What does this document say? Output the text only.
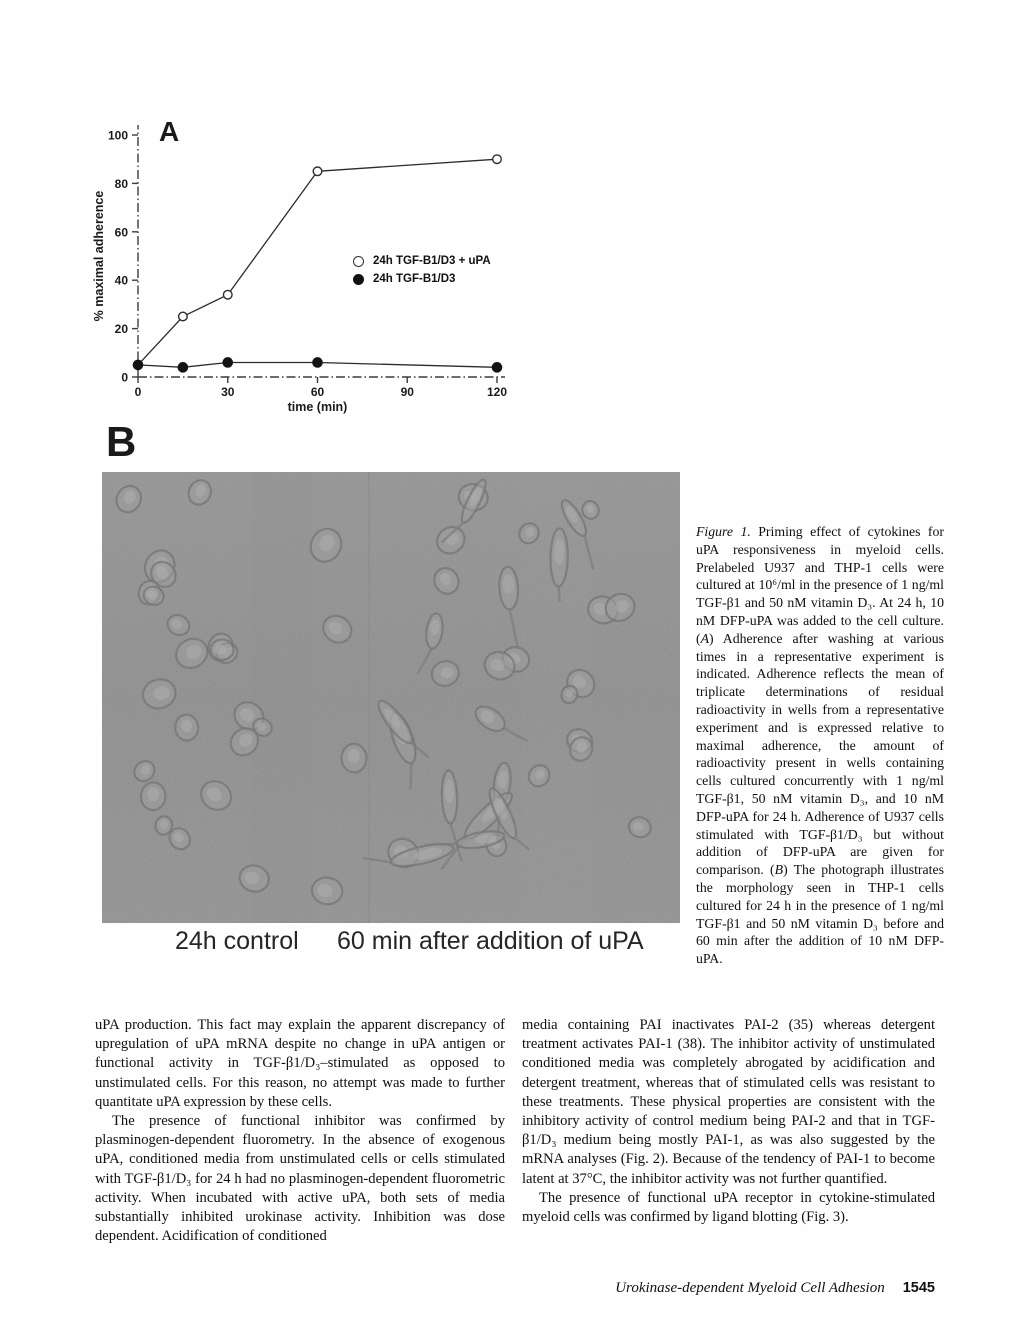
0	30	60	90	120
time (min)
0
20
40
60
80
100
% maximal adherence
A
24h TGF-B1/D3 + uPA
24h TGF-B1/D3
B
24h control 60 min after addition of uPA
Figure 1. Priming effect of cytokines for uPA responsiveness in myeloid cells. Prelabeled U937 and THP-1 cells were cultured at 10⁶/ml in the presence of 1 ng/ml TGF-β1 and 50 nM vitamin D₃. At 24 h, 10 nM DFP-uPA was added to the cell culture. (A) Adherence after washing at various times in a representative experiment is indicated. Adherence reflects the mean of triplicate determinations of residual radioactivity in wells from a representative experiment and is expressed relative to maximal adherence, the amount of radioactivity present in wells containing cells cultured concurrently with 1 ng/ml TGF-β1, 50 nM vitamin D₃, and 10 nM DFP-uPA for 24 h. Adherence of U937 cells stimulated with TGF-β1/D₃ but without addition of DFP-uPA are given for comparison. (B) The photograph illustrates the morphology seen in THP-1 cells cultured for 24 h in the presence of 1 ng/ml TGF-β1 and 50 nM vitamin D₃ before and 60 min after the addition of 10 nM DFP-uPA.

uPA production. This fact may explain the apparent discrepancy of upregulation of uPA mRNA despite no change in uPA antigen or functional activity in TGF-β1/D₃–stimulated as opposed to unstimulated cells. For this reason, no attempt was made to further quantitate uPA expression by these cells.

The presence of functional inhibitor was confirmed by plasminogen-dependent fluorometry. In the absence of exogenous uPA, conditioned media from unstimulated cells or cells stimulated with TGF-β1/D₃ for 24 h had no plasminogen-dependent fluorometric activity. When incubated with active uPA, both sets of media substantially inhibited urokinase activity. Inhibition was dose dependent. Acidification of conditioned

media containing PAI inactivates PAI-2 (35) whereas detergent treatment activates PAI-1 (38). The inhibitor activity of unstimulated conditioned media was completely abrogated by acidification and detergent treatment, whereas that of stimulated cells was resistant to these treatments. These physical properties are consistent with the inhibitory activity of control medium being PAI-2 and that in TGF-β1/D₃ medium being mostly PAI-1, as was also suggested by the mRNA analyses (Fig. 2). Because of the tendency of PAI-1 to become latent at 37°C, the inhibitor activity was not further quantified.

The presence of functional uPA receptor in cytokine-stimulated myeloid cells was confirmed by ligand blotting (Fig. 3).

Urokinase-dependent Myeloid Cell Adhesion 1545
